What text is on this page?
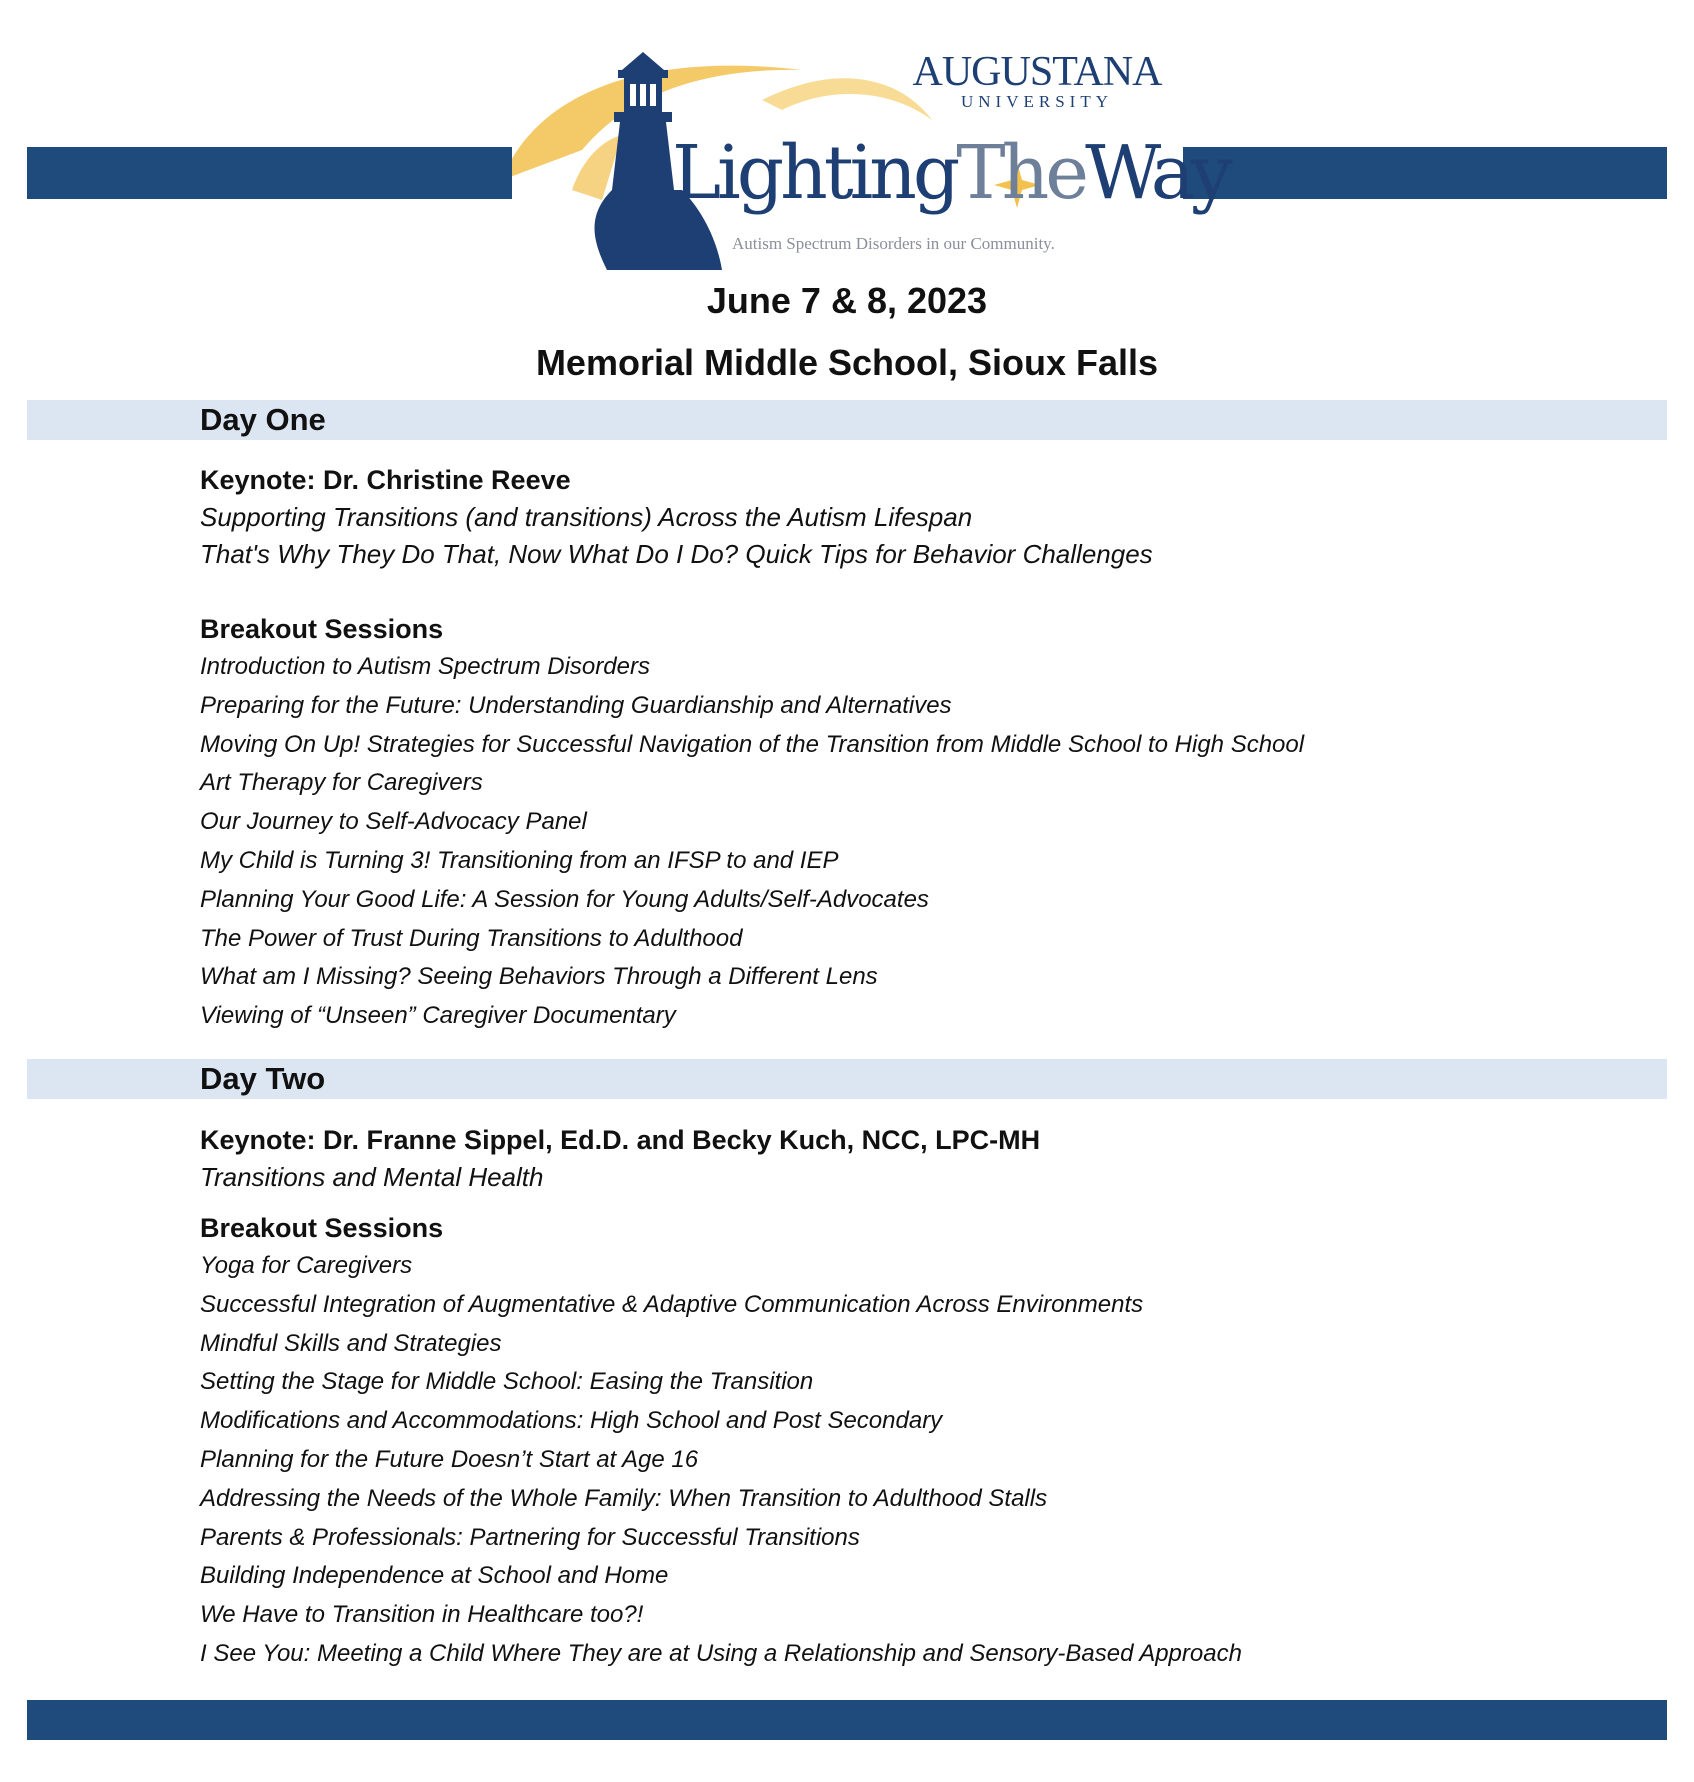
AUGUSTANA
UNIVERSITY
LightingTheWay
Autism Spectrum Disorders in our Community.
June 7 & 8, 2023
Memorial Middle School, Sioux Falls
Day One
Keynote: Dr. Christine Reeve
Supporting Transitions (and transitions) Across the Autism Lifespan
That's Why They Do That, Now What Do I Do? Quick Tips for Behavior Challenges
Breakout Sessions
Introduction to Autism Spectrum Disorders
Preparing for the Future: Understanding Guardianship and Alternatives
Moving On Up! Strategies for Successful Navigation of the Transition from Middle School to High School
Art Therapy for Caregivers
Our Journey to Self-Advocacy Panel
My Child is Turning 3! Transitioning from an IFSP to and IEP
Planning Your Good Life: A Session for Young Adults/Self-Advocates
The Power of Trust During Transitions to Adulthood
What am I Missing? Seeing Behaviors Through a Different Lens
Viewing of “Unseen” Caregiver Documentary
Day Two
Keynote: Dr. Franne Sippel, Ed.D. and Becky Kuch, NCC, LPC-MH
Transitions and Mental Health
Breakout Sessions
Yoga for Caregivers
Successful Integration of Augmentative & Adaptive Communication Across Environments
Mindful Skills and Strategies
Setting the Stage for Middle School: Easing the Transition
Modifications and Accommodations: High School and Post Secondary
Planning for the Future Doesn’t Start at Age 16
Addressing the Needs of the Whole Family: When Transition to Adulthood Stalls
Parents & Professionals: Partnering for Successful Transitions
Building Independence at School and Home
We Have to Transition in Healthcare too?!
I See You: Meeting a Child Where They are at Using a Relationship and Sensory-Based Approach
